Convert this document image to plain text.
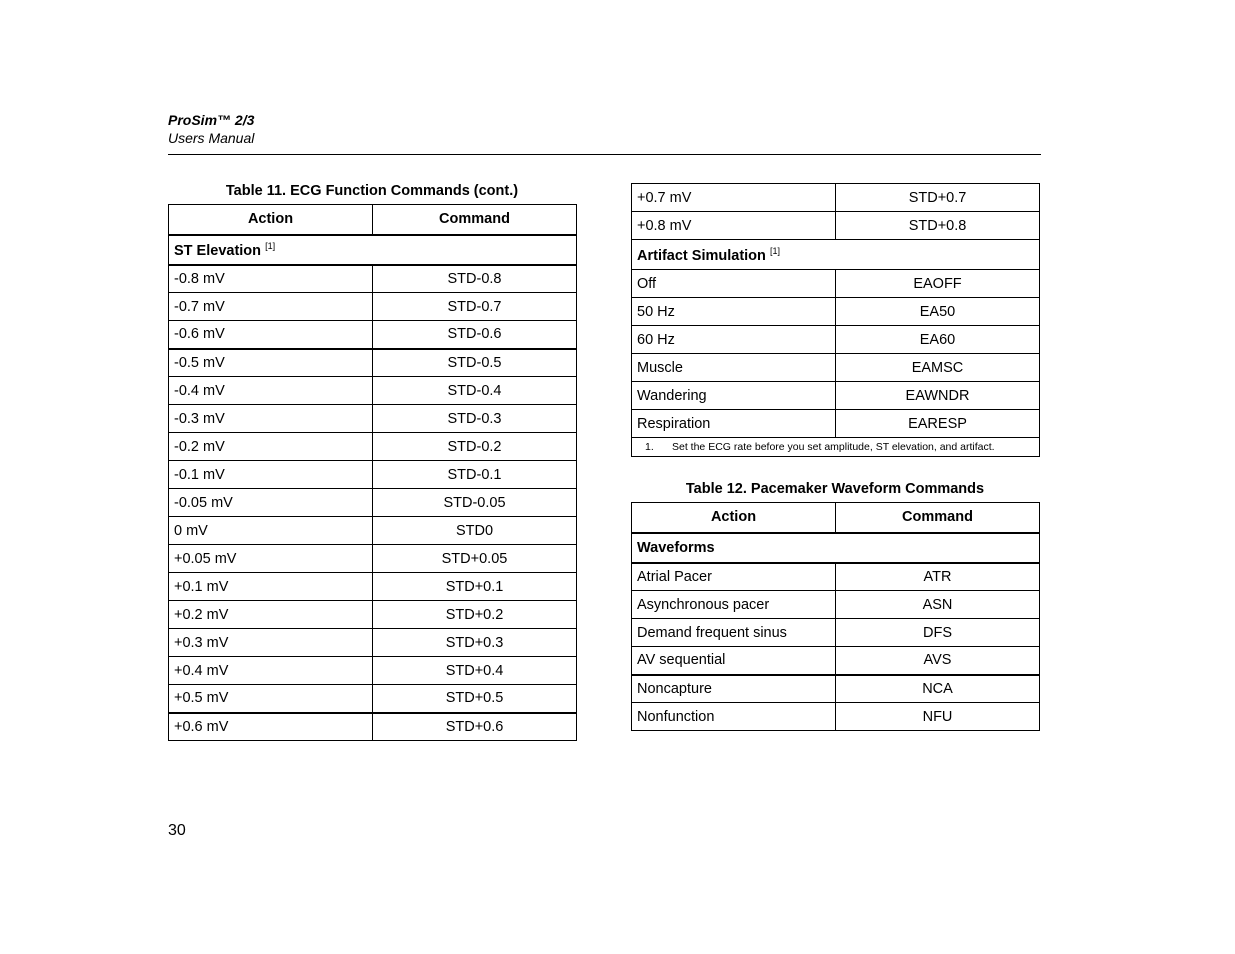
ProSim™ 2/3
Users Manual
Table 11. ECG Function Commands (cont.)
Action	Command
ST Elevation [1]
-0.8 mV	STD-0.8
-0.7 mV	STD-0.7
-0.6 mV	STD-0.6
-0.5 mV	STD-0.5
-0.4 mV	STD-0.4
-0.3 mV	STD-0.3
-0.2 mV	STD-0.2
-0.1 mV	STD-0.1
-0.05 mV	STD-0.05
0 mV	STD0
+0.05 mV	STD+0.05
+0.1 mV	STD+0.1
+0.2 mV	STD+0.2
+0.3 mV	STD+0.3
+0.4 mV	STD+0.4
+0.5 mV	STD+0.5
+0.6 mV	STD+0.6
+0.7 mV	STD+0.7
+0.8 mV	STD+0.8
Artifact Simulation [1]
Off	EAOFF
50 Hz	EA50
60 Hz	EA60
Muscle	EAMSC
Wandering	EAWNDR
Respiration	EARESP
1. Set the ECG rate before you set amplitude, ST elevation, and artifact.	
Table 12. Pacemaker Waveform Commands
Action	Command
Waveforms	
Atrial Pacer	ATR
Asynchronous pacer	ASN
Demand frequent sinus	DFS
AV sequential	AVS
Noncapture	NCA
Nonfunction	NFU
30
